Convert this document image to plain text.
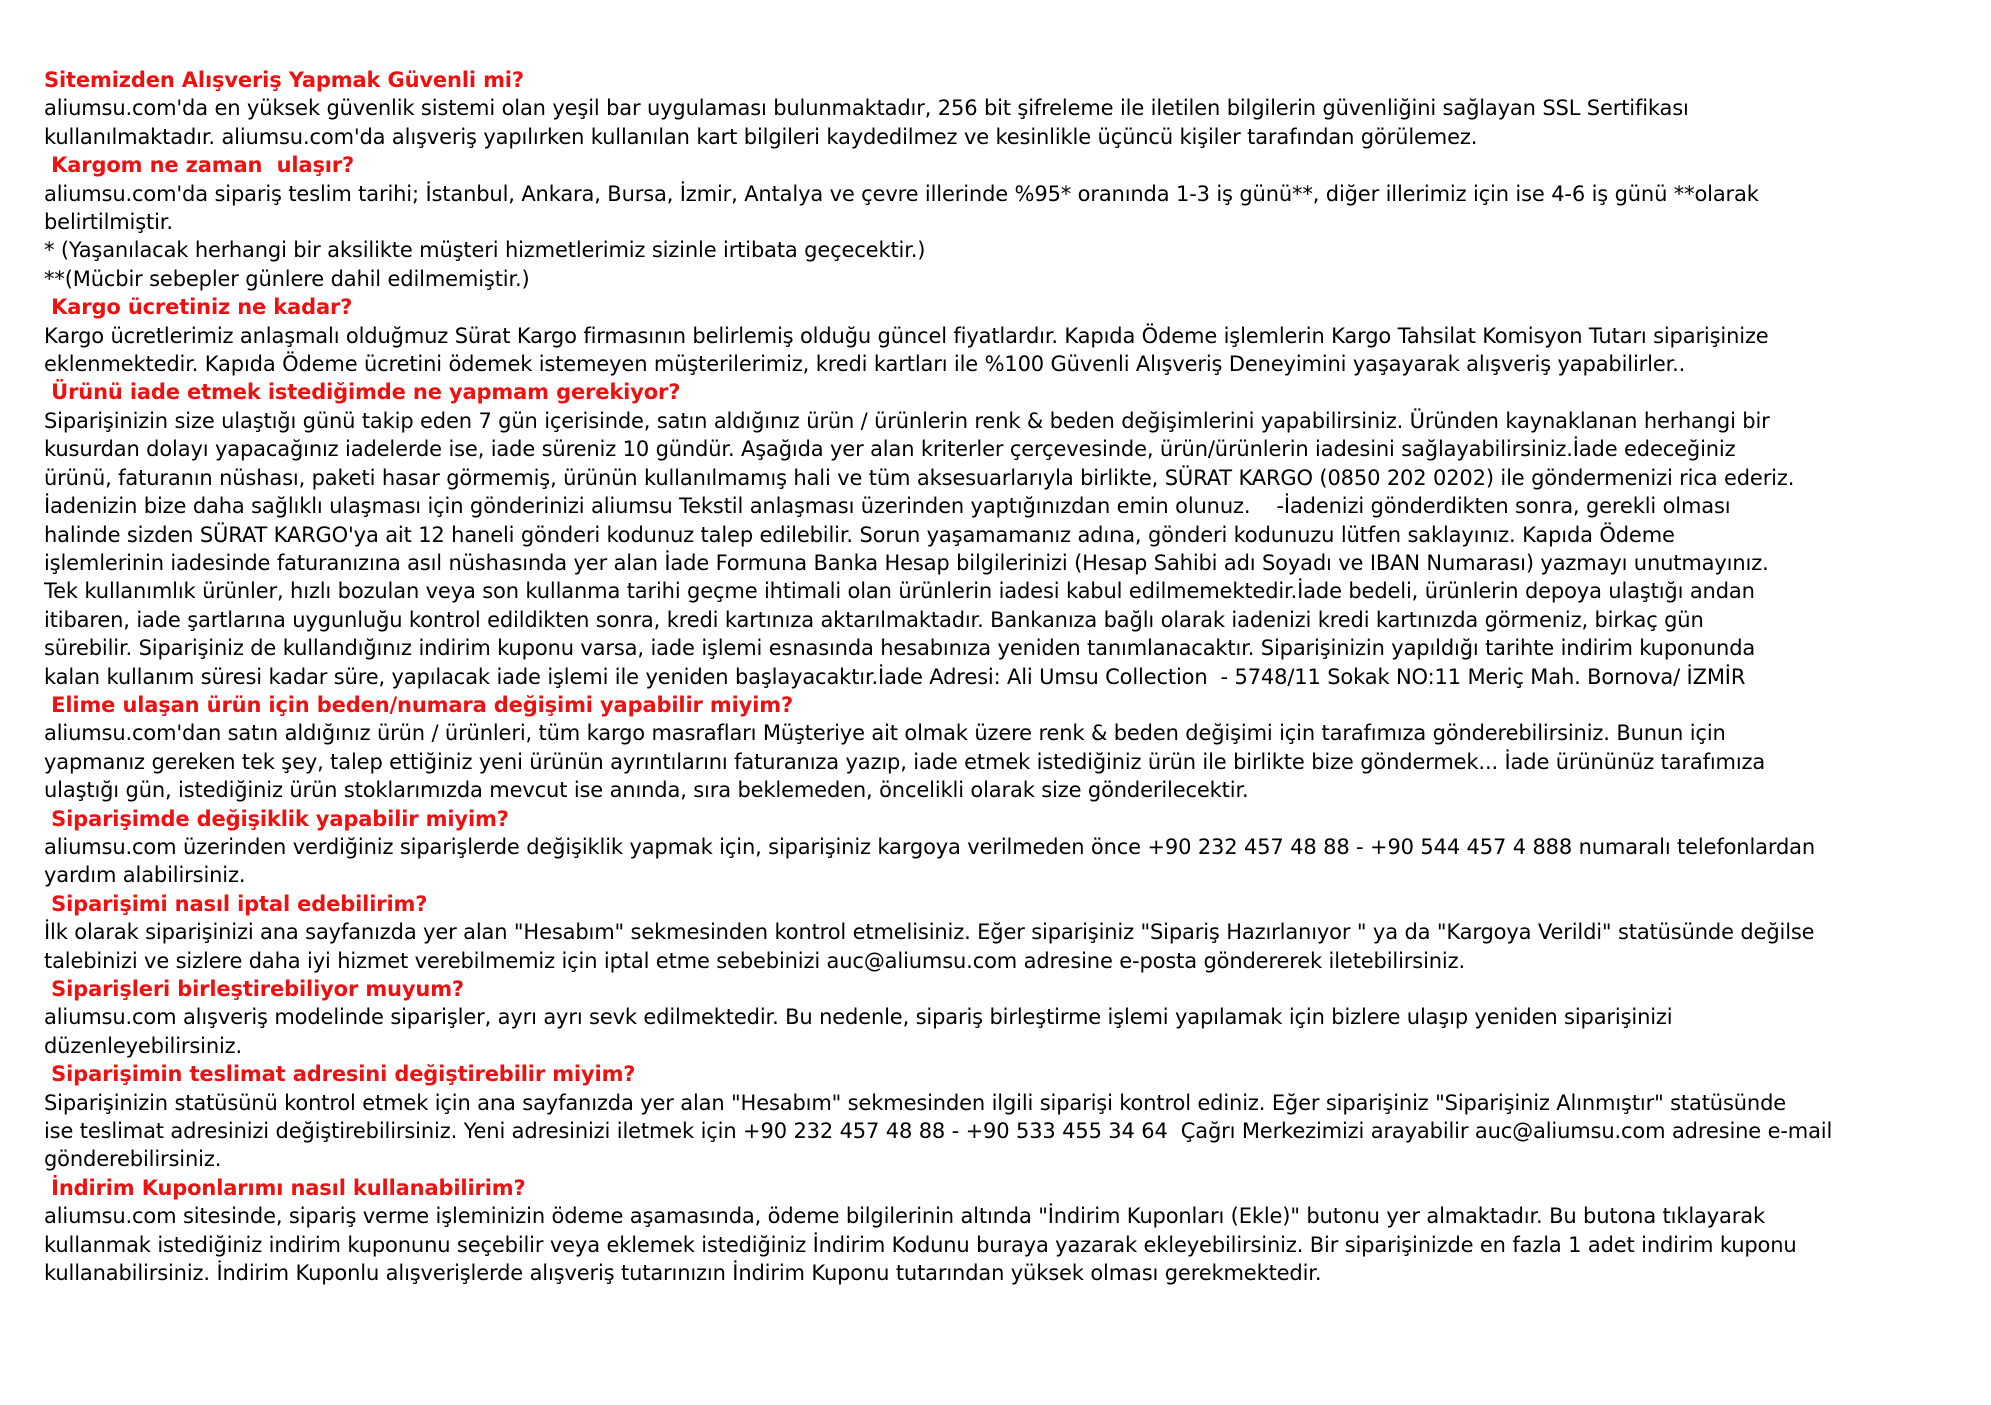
Sitemizden Alışveriş Yapmak Güvenli mi?
aliumsu.com'da en yüksek güvenlik sistemi olan yeşil bar uygulaması bulunmaktadır, 256 bit şifreleme ile iletilen bilgilerin güvenliğini sağlayan SSL Sertifikası
kullanılmaktadır. aliumsu.com'da alışveriş yapılırken kullanılan kart bilgileri kaydedilmez ve kesinlikle üçüncü kişiler tarafından görülemez.
Kargom ne zaman  ulaşır?
aliumsu.com'da sipariş teslim tarihi; İstanbul, Ankara, Bursa, İzmir, Antalya ve çevre illerinde %95* oranında 1-3 iş günü**, diğer illerimiz için ise 4-6 iş günü **olarak
belirtilmiştir.
* (Yaşanılacak herhangi bir aksilikte müşteri hizmetlerimiz sizinle irtibata geçecektir.)
**(Mücbir sebepler günlere dahil edilmemiştir.)
Kargo ücretiniz ne kadar?
Kargo ücretlerimiz anlaşmalı olduğmuz Sürat Kargo firmasının belirlemiş olduğu güncel fiyatlardır. Kapıda Ödeme işlemlerin Kargo Tahsilat Komisyon Tutarı siparişinize
eklenmektedir. Kapıda Ödeme ücretini ödemek istemeyen müşterilerimiz, kredi kartları ile %100 Güvenli Alışveriş Deneyimini yaşayarak alışveriş yapabilirler..
Ürünü iade etmek istediğimde ne yapmam gerekiyor?
Siparişinizin size ulaştığı günü takip eden 7 gün içerisinde, satın aldığınız ürün / ürünlerin renk & beden değişimlerini yapabilirsiniz. Üründen kaynaklanan herhangi bir
kusurdan dolayı yapacağınız iadelerde ise, iade süreniz 10 gündür. Aşağıda yer alan kriterler çerçevesinde, ürün/ürünlerin iadesini sağlayabilirsiniz.İade edeceğiniz
ürünü, faturanın nüshası, paketi hasar görmemiş, ürünün kullanılmamış hali ve tüm aksesuarlarıyla birlikte, SÜRAT KARGO (0850 202 0202) ile göndermenizi rica ederiz.
İadenizin bize daha sağlıklı ulaşması için gönderinizi aliumsu Tekstil anlaşması üzerinden yaptığınızdan emin olunuz.    -İadenizi gönderdikten sonra, gerekli olması
halinde sizden SÜRAT KARGO'ya ait 12 haneli gönderi kodunuz talep edilebilir. Sorun yaşamamanız adına, gönderi kodunuzu lütfen saklayınız. Kapıda Ödeme
işlemlerinin iadesinde faturanızına asıl nüshasında yer alan İade Formuna Banka Hesap bilgilerinizi (Hesap Sahibi adı Soyadı ve IBAN Numarası) yazmayı unutmayınız.
Tek kullanımlık ürünler, hızlı bozulan veya son kullanma tarihi geçme ihtimali olan ürünlerin iadesi kabul edilmemektedir.İade bedeli, ürünlerin depoya ulaştığı andan
itibaren, iade şartlarına uygunluğu kontrol edildikten sonra, kredi kartınıza aktarılmaktadır. Bankanıza bağlı olarak iadenizi kredi kartınızda görmeniz, birkaç gün
sürebilir. Siparişiniz de kullandığınız indirim kuponu varsa, iade işlemi esnasında hesabınıza yeniden tanımlanacaktır. Siparişinizin yapıldığı tarihte indirim kuponunda
kalan kullanım süresi kadar süre, yapılacak iade işlemi ile yeniden başlayacaktır.İade Adresi: Ali Umsu Collection  - 5748/11 Sokak NO:11 Meriç Mah. Bornova/ İZMİR
Elime ulaşan ürün için beden/numara değişimi yapabilir miyim?
aliumsu.com'dan satın aldığınız ürün / ürünleri, tüm kargo masrafları Müşteriye ait olmak üzere renk & beden değişimi için tarafımıza gönderebilirsiniz. Bunun için
yapmanız gereken tek şey, talep ettiğiniz yeni ürünün ayrıntılarını faturanıza yazıp, iade etmek istediğiniz ürün ile birlikte bize göndermek... İade ürününüz tarafımıza
ulaştığı gün, istediğiniz ürün stoklarımızda mevcut ise anında, sıra beklemeden, öncelikli olarak size gönderilecektir.
Siparişimde değişiklik yapabilir miyim?
aliumsu.com üzerinden verdiğiniz siparişlerde değişiklik yapmak için, siparişiniz kargoya verilmeden önce +90 232 457 48 88 - +90 544 457 4 888 numaralı telefonlardan
yardım alabilirsiniz.
Siparişimi nasıl iptal edebilirim?
İlk olarak siparişinizi ana sayfanızda yer alan "Hesabım" sekmesinden kontrol etmelisiniz. Eğer siparişiniz "Sipariş Hazırlanıyor " ya da "Kargoya Verildi" statüsünde değilse
talebinizi ve sizlere daha iyi hizmet verebilmemiz için iptal etme sebebinizi auc@aliumsu.com adresine e-posta göndererek iletebilirsiniz.
Siparişleri birleştirebiliyor muyum?
aliumsu.com alışveriş modelinde siparişler, ayrı ayrı sevk edilmektedir. Bu nedenle, sipariş birleştirme işlemi yapılamak için bizlere ulaşıp yeniden siparişinizi
düzenleyebilirsiniz.
Siparişimin teslimat adresini değiştirebilir miyim?
Siparişinizin statüsünü kontrol etmek için ana sayfanızda yer alan "Hesabım" sekmesinden ilgili siparişi kontrol ediniz. Eğer siparişiniz "Siparişiniz Alınmıştır" statüsünde
ise teslimat adresinizi değiştirebilirsiniz. Yeni adresinizi iletmek için +90 232 457 48 88 - +90 533 455 34 64  Çağrı Merkezimizi arayabilir auc@aliumsu.com adresine e-mail
gönderebilirsiniz.
İndirim Kuponlarımı nasıl kullanabilirim?
aliumsu.com sitesinde, sipariş verme işleminizin ödeme aşamasında, ödeme bilgilerinin altında "İndirim Kuponları (Ekle)" butonu yer almaktadır. Bu butona tıklayarak
kullanmak istediğiniz indirim kuponunu seçebilir veya eklemek istediğiniz İndirim Kodunu buraya yazarak ekleyebilirsiniz. Bir siparişinizde en fazla 1 adet indirim kuponu
kullanabilirsiniz. İndirim Kuponlu alışverişlerde alışveriş tutarınızın İndirim Kuponu tutarından yüksek olması gerekmektedir.
